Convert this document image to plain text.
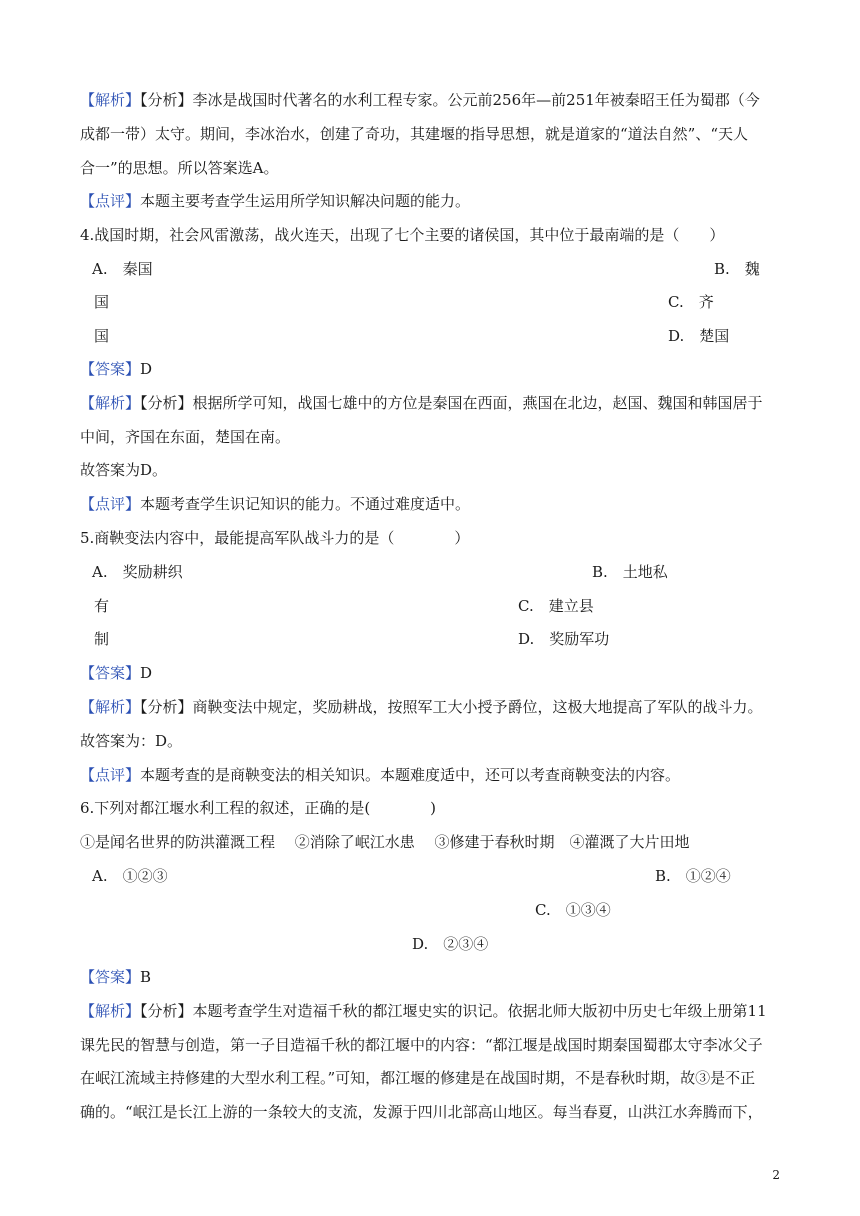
【解析】【分析】李冰是战国时代著名的水利工程专家。公元前256年—前251年被秦昭王任为蜀郡（今
成都一带）太守。期间，李冰治水，创建了奇功，其建堰的指导思想，就是道家的“道法自然”、“天人
合一”的思想。所以答案选A。
【点评】本题主要考查学生运用所学知识解决问题的能力。
4.战国时期，社会风雷激荡，战火连天，出现了七个主要的诸侯国，其中位于最南端的是（　　）
A.　秦国	B.　魏
国	C.　齐
国	D.　楚国
【答案】D
【解析】【分析】根据所学可知，战国七雄中的方位是秦国在西面，燕国在北边，赵国、魏国和韩国居于
中间，齐国在东面，楚国在南。
故答案为D。
【点评】本题考查学生识记知识的能力。不通过难度适中。
5.商鞅变法内容中，最能提高军队战斗力的是（　　　　）
A.　奖励耕织	B.　土地私
有	C.　建立县
制	D.　奖励军功
【答案】D
【解析】【分析】商鞅变法中规定，奖励耕战，按照军工大小授予爵位，这极大地提高了军队的战斗力。
故答案为：D。
【点评】本题考查的是商鞅变法的相关知识。本题难度适中，还可以考查商鞅变法的内容。
6.下列对都江堰水利工程的叙述，正确的是(　　　　)
①是闻名世界的防洪灌溉工程　 ②消除了岷江水患　 ③修建于春秋时期　④灌溉了大片田地
A.　①②③	B.　①②④
C.　①③④
D.　②③④
【答案】B
【解析】【分析】本题考查学生对造福千秋的都江堰史实的识记。依据北师大版初中历史七年级上册第11
课先民的智慧与创造，第一子目造福千秋的都江堰中的内容：“都江堰是战国时期秦国蜀郡太守李冰父子
在岷江流域主持修建的大型水利工程。”可知，都江堰的修建是在战国时期，不是春秋时期，故③是不正
确的。“岷江是长江上游的一条较大的支流，发源于四川北部高山地区。每当春夏，山洪江水奔腾而下，
2
